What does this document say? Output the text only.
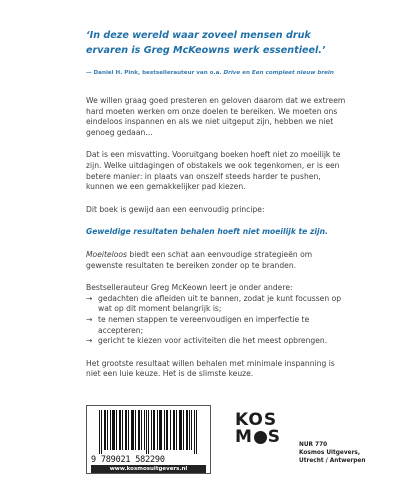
‘In deze wereld waar zoveel mensen druk ervaren is Greg McKeowns werk essentieel.’
— Daniel H. Pink, bestsellerauteur van o.a. Drive en Een compleet nieuw brein

We willen graag goed presteren en geloven daarom dat we extreem hard moeten werken om onze doelen te bereiken. We moeten ons eindeloos inspannen en als we niet uitgeput zijn, hebben we niet genoeg gedaan…

Dat is een misvatting. Vooruitgang boeken hoeft niet zo moeilijk te zijn. Welke uitdagingen of obstakels we ook tegenkomen, er is een betere manier: in plaats van onszelf steeds harder te pushen, kunnen we een gemakkelijker pad kiezen.

Dit boek is gewijd aan een eenvoudig principe:

Geweldige resultaten behalen hoeft niet moeilijk te zijn.

Moeiteloos biedt een schat aan eenvoudige strategieën om gewenste resultaten te bereiken zonder op te branden.

Bestsellerauteur Greg McKeown leert je onder andere:

→ gedachten die afleiden uit te bannen, zodat je kunt focussen op wat op dit moment belangrijk is;
→ te nemen stappen te vereenvoudigen en imperfectie te accepteren;
→ gericht te kiezen voor activiteiten die het meest opbrengen.

Het grootste resultaat willen behalen met minimale inspanning is niet een luie keuze. Het is de slimste keuze.

9 789021 582290
www.kosmosuitgevers.nl
KOS
M S	NUR 770
Kosmos Uitgevers,
Utrecht / Antwerpen
